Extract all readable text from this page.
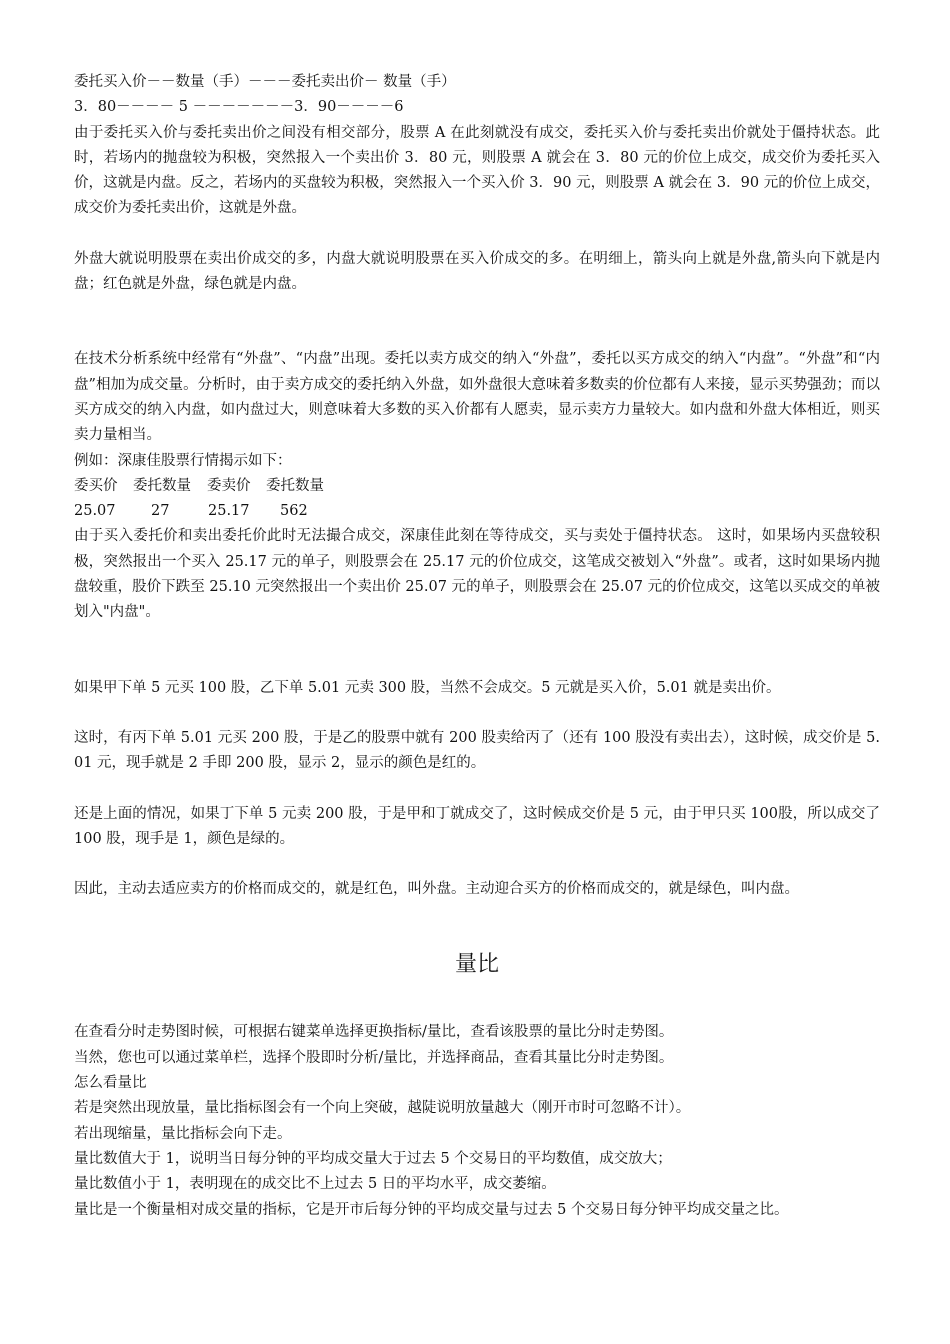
委托买入价－－数量（手）－－－委托卖出价－ 数量（手）

3．80－－－－ 5 －－－－－－－3．90－－－－6

由于委托买入价与委托卖出价之间没有相交部分，股票 A 在此刻就没有成交，委托买入价与委托卖出价就处于僵持状态。此时，若场内的抛盘较为积极，突然报入一个卖出价 3．80 元，则股票 A 就会在 3．80 元的价位上成交，成交价为委托买入价，这就是内盘。反之，若场内的买盘较为积极，突然报入一个买入价 3．90 元，则股票 A 就会在 3．90 元的价位上成交，成交价为委托卖出价，这就是外盘。

外盘大就说明股票在卖出价成交的多，内盘大就说明股票在买入价成交的多。在明细上，箭头向上就是外盘,箭头向下就是内盘；红色就是外盘，绿色就是内盘。

在技术分析系统中经常有“外盘”、“内盘”出现。委托以卖方成交的纳入“外盘”，委托以买方成交的纳入“内盘”。“外盘”和“内盘”相加为成交量。分析时，由于卖方成交的委托纳入外盘，如外盘很大意味着多数卖的价位都有人来接，显示买势强劲；而以买方成交的纳入内盘，如内盘过大，则意味着大多数的买入价都有人愿卖，显示卖方力量较大。如内盘和外盘大体相近，则买卖力量相当。

例如：深康佳股票行情揭示如下：

委买价	委托数量	委卖价	委托数量
25.07	27	25.17	562

由于买入委托价和卖出委托价此时无法撮合成交，深康佳此刻在等待成交，买与卖处于僵持状态。 这时，如果场内买盘较积极，突然报出一个买入 25.17 元的单子，则股票会在 25.17 元的价位成交，这笔成交被划入“外盘”。或者，这时如果场内抛盘较重，股价下跌至 25.10 元突然报出一个卖出价 25.07 元的单子，则股票会在 25.07 元的价位成交，这笔以买成交的单被划入"内盘"。

如果甲下单 5 元买 100 股，乙下单 5.01 元卖 300 股，当然不会成交。5 元就是买入价，5.01 就是卖出价。

这时，有丙下单 5.01 元买 200 股，于是乙的股票中就有 200 股卖给丙了（还有 100 股没有卖出去），这时候，成交价是 5.01 元，现手就是 2 手即 200 股，显示 2，显示的颜色是红的。

还是上面的情况，如果丁下单 5 元卖 200 股，于是甲和丁就成交了，这时候成交价是 5 元，由于甲只买 100股，所以成交了 100 股，现手是 1，颜色是绿的。

因此，主动去适应卖方的价格而成交的，就是红色，叫外盘。主动迎合买方的价格而成交的，就是绿色，叫内盘。

量比

在查看分时走势图时候，可根据右键菜单选择更换指标/量比，查看该股票的量比分时走势图。

当然，您也可以通过菜单栏，选择个股即时分析/量比，并选择商品，查看其量比分时走势图。

怎么看量比

若是突然出现放量，量比指标图会有一个向上突破，越陡说明放量越大（刚开市时可忽略不计）。

若出现缩量，量比指标会向下走。

量比数值大于 1，说明当日每分钟的平均成交量大于过去 5 个交易日的平均数值，成交放大；

量比数值小于 1，表明现在的成交比不上过去 5 日的平均水平，成交萎缩。

量比是一个衡量相对成交量的指标，它是开市后每分钟的平均成交量与过去 5 个交易日每分钟平均成交量之比。
